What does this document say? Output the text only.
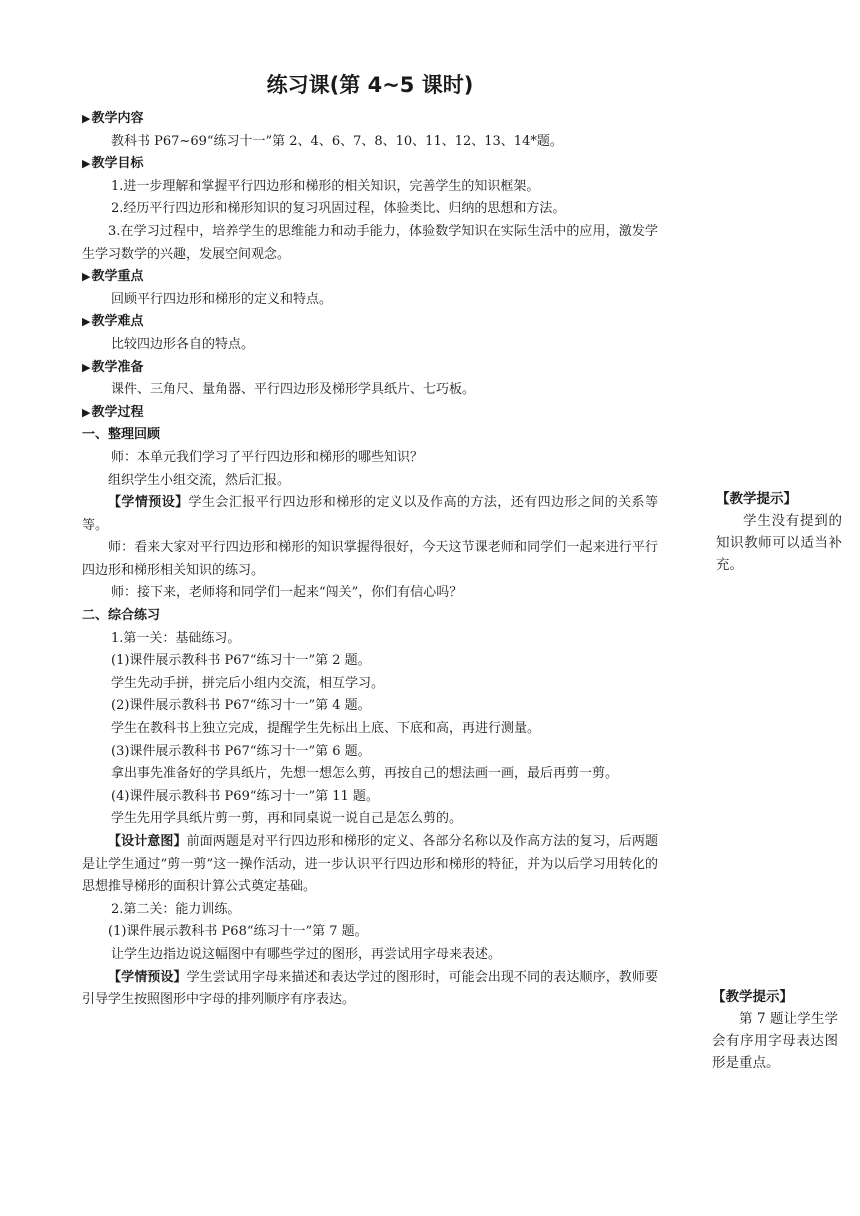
练习课(第 4~5 课时)

▶教学内容

教科书 P67~69“练习十一”第 2、4、6、7、8、10、11、12、13、14*题。

▶教学目标

1.进一步理解和掌握平行四边形和梯形的相关知识，完善学生的知识框架。

2.经历平行四边形和梯形知识的复习巩固过程，体验类比、归纳的思想和方法。

3.在学习过程中，培养学生的思维能力和动手能力，体验数学知识在实际生活中的应用，激发学生学习数学的兴趣，发展空间观念。

▶教学重点

回顾平行四边形和梯形的定义和特点。

▶教学难点

比较四边形各自的特点。

▶教学准备

课件、三角尺、量角器、平行四边形及梯形学具纸片、七巧板。

▶教学过程

一、整理回顾

师：本单元我们学习了平行四边形和梯形的哪些知识？

组织学生小组交流，然后汇报。

【学情预设】学生会汇报平行四边形和梯形的定义以及作高的方法，还有四边形之间的关系等等。

师：看来大家对平行四边形和梯形的知识掌握得很好，今天这节课老师和同学们一起来进行平行四边形和梯形相关知识的练习。

师：接下来，老师将和同学们一起来“闯关”，你们有信心吗？

二、综合练习

1.第一关：基础练习。

(1)课件展示教科书 P67“练习十一”第 2 题。

学生先动手拼，拼完后小组内交流，相互学习。

(2)课件展示教科书 P67“练习十一”第 4 题。

学生在教科书上独立完成，提醒学生先标出上底、下底和高，再进行测量。

(3)课件展示教科书 P67“练习十一”第 6 题。

拿出事先准备好的学具纸片，先想一想怎么剪，再按自己的想法画一画，最后再剪一剪。

(4)课件展示教科书 P69“练习十一”第 11 题。

学生先用学具纸片剪一剪，再和同桌说一说自己是怎么剪的。

【设计意图】前面两题是对平行四边形和梯形的定义、各部分名称以及作高方法的复习，后两题是让学生通过“剪一剪”这一操作活动，进一步认识平行四边形和梯形的特征，并为以后学习用转化的思想推导梯形的面积计算公式奠定基础。

2.第二关：能力训练。

(1)课件展示教科书 P68“练习十一”第 7 题。

让学生边指边说这幅图中有哪些学过的图形，再尝试用字母来表述。

【学情预设】学生尝试用字母来描述和表达学过的图形时，可能会出现不同的表达顺序，教师要引导学生按照图形中字母的排列顺序有序表达。

【教学提示】
学生没有提到的知识教师可以适当补充。
【教学提示】
第 7 题让学生学会有序用字母表达图形是重点。
